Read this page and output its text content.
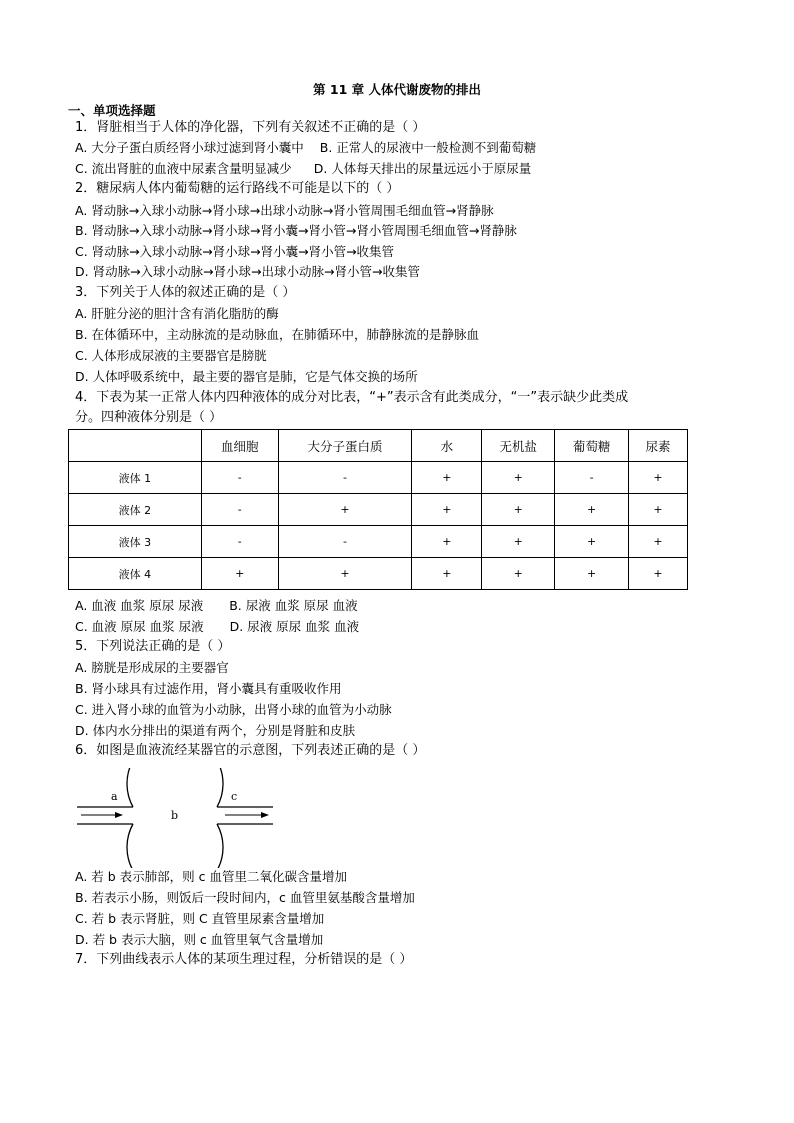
第 11 章 人体代谢废物的排出
一、单项选择题
1．肾脏相当于人体的净化器，下列有关叙述不正确的是（ ）
A. 大分子蛋白质经肾小球过滤到肾小囊中 B. 正常人的尿液中一般检测不到葡萄糖
C. 流出肾脏的血液中尿素含量明显减少 D. 人体每天排出的尿量远远小于原尿量
2．糖尿病人体内葡萄糖的运行路线不可能是以下的（ ）
A. 肾动脉→入球小动脉→肾小球→出球小动脉→肾小管周围毛细血管→肾静脉
B. 肾动脉→入球小动脉→肾小球→肾小囊→肾小管→肾小管周围毛细血管→肾静脉
C. 肾动脉→入球小动脉→肾小球→肾小囊→肾小管→收集管
D. 肾动脉→入球小动脉→肾小球→出球小动脉→肾小管→收集管
3．下列关于人体的叙述正确的是（ ）
A. 肝脏分泌的胆汁含有消化脂肪的酶
B. 在体循环中，主动脉流的是动脉血，在肺循环中，肺静脉流的是静脉血
C. 人体形成尿液的主要器官是膀胱
D. 人体呼吸系统中，最主要的器官是肺，它是气体交换的场所
4．下表为某一正常人体内四种液体的成分对比表，“+”表示含有此类成分，“一”表示缺少此类成
分。四种液体分别是（ ）
	血细胞	大分子蛋白质	水	无机盐	葡萄糖	尿素
液体 1	-	-	+	+	-	+
液体 2	-	+	+	+	+	+
液体 3	-	-	+	+	+	+
液体 4	+	+	+	+	+	+
A. 血液 血浆 原尿 尿液 B. 尿液 血浆 原尿 血液
C. 血液 原尿 血浆 尿液 D. 尿液 原尿 血浆 血液
5．下列说法正确的是（ ）
A. 膀胱是形成尿的主要器官
B. 肾小球具有过滤作用，肾小囊具有重吸收作用
C. 进入肾小球的血管为小动脉，出肾小球的血管为小动脉
D. 体内水分排出的渠道有两个，分别是肾脏和皮肤
6．如图是血液流经某器官的示意图，下列表述正确的是（ ）
a
b
c
A. 若 b 表示肺部，则 c 血管里二氧化碳含量增加
B. 若表示小肠，则饭后一段时间内，c 血管里氨基酸含量增加
C. 若 b 表示肾脏，则 C 直管里尿素含量增加
D. 若 b 表示大脑，则 c 血管里氧气含量增加
7．下列曲线表示人体的某项生理过程，分析错误的是（ ）
